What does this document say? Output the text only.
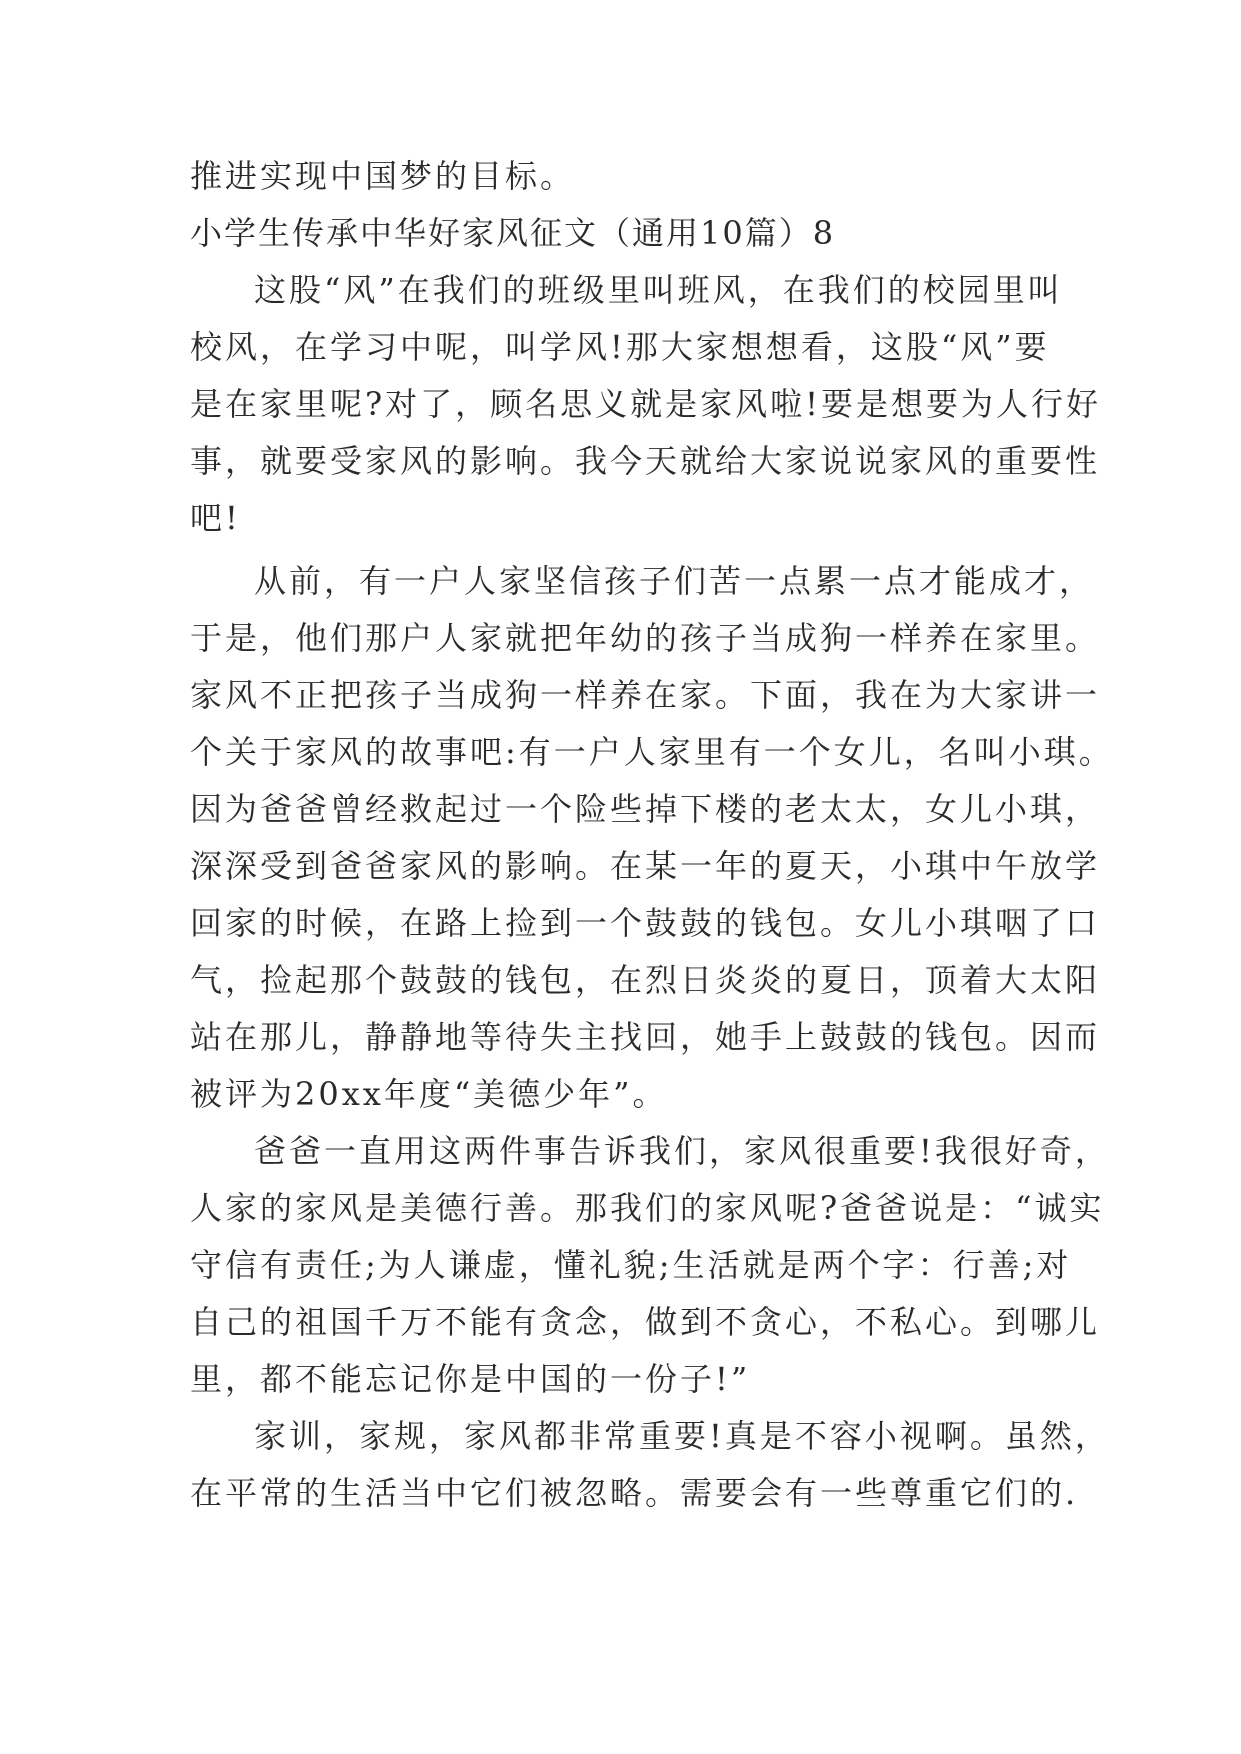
推进实现中国梦的目标。
小学生传承中华好家风征文（通用10篇）8
这股“风”在我们的班级里叫班风，在我们的校园里叫
校风，在学习中呢，叫学风!那大家想想看，这股“风”要
是在家里呢?对了，顾名思义就是家风啦!要是想要为人行好
事，就要受家风的影响。我今天就给大家说说家风的重要性
吧!
从前，有一户人家坚信孩子们苦一点累一点才能成才，
于是，他们那户人家就把年幼的孩子当成狗一样养在家里。
家风不正把孩子当成狗一样养在家。下面，我在为大家讲一
个关于家风的故事吧:有一户人家里有一个女儿，名叫小琪。
因为爸爸曾经救起过一个险些掉下楼的老太太，女儿小琪，
深深受到爸爸家风的影响。在某一年的夏天，小琪中午放学
回家的时候，在路上捡到一个鼓鼓的钱包。女儿小琪咽了口
气，捡起那个鼓鼓的钱包，在烈日炎炎的夏日，顶着大太阳
站在那儿，静静地等待失主找回，她手上鼓鼓的钱包。因而
被评为20xx年度“美德少年”。
爸爸一直用这两件事告诉我们，家风很重要!我很好奇，
人家的家风是美德行善。那我们的家风呢?爸爸说是：“诚实
守信有责任;为人谦虚，懂礼貌;生活就是两个字：行善;对
自己的祖国千万不能有贪念，做到不贪心，不私心。到哪儿
里，都不能忘记你是中国的一份子!”
家训，家规，家风都非常重要!真是不容小视啊。虽然，
在平常的生活当中它们被忽略。需要会有一些尊重它们的.
